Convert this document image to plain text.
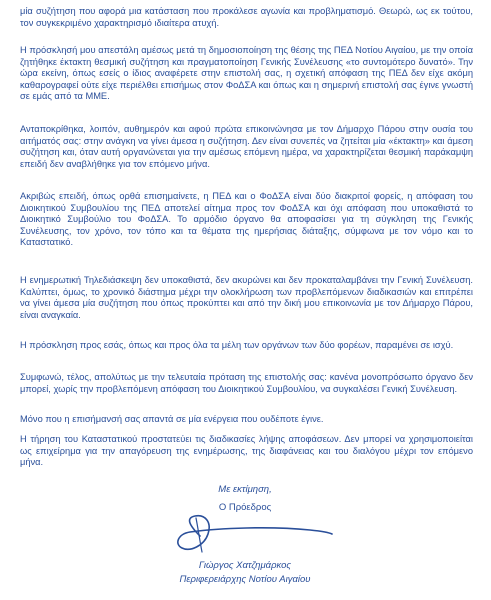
μία συζήτηση που αφορά μια κατάσταση που προκάλεσε αγωνία και προβληματισμό. Θεωρώ, ως εκ τούτου, τον συγκεκριμένο χαρακτηρισμό ιδιαίτερα ατυχή.

Η πρόσκλησή μου απεστάλη αμέσως μετά τη δημοσιοποίηση της θέσης της ΠΕΔ Νοτίου Αιγαίου, με την οποία ζητήθηκε έκτακτη θεσμική συζήτηση και πραγματοποίηση Γενικής Συνέλευσης «το συντομότερο δυνατό». Την ώρα εκείνη, όπως εσείς ο ίδιος αναφέρετε στην επιστολή σας, η σχετική απόφαση της ΠΕΔ δεν είχε ακόμη καθαρογραφεί ούτε είχε περιέλθει επισήμως στον ΦοΔΣΑ και όπως και η σημερινή επιστολή σας έγινε γνωστή σε εμάς από τα ΜΜΕ.

Ανταποκρίθηκα, λοιπόν, αυθημερόν και αφού πρώτα επικοινώνησα με τον Δήμαρχο Πάρου στην ουσία του αιτήματός σας: στην ανάγκη να γίνει άμεσα η συζήτηση. Δεν είναι συνεπές να ζητείται μία «έκτακτη» και άμεση συζήτηση και, όταν αυτή οργανώνεται για την αμέσως επόμενη ημέρα, να χαρακτηρίζεται θεσμική παράκαμψη επειδή δεν αναβλήθηκε για τον επόμενο μήνα.

Ακριβώς επειδή, όπως ορθά επισημαίνετε, η ΠΕΔ και ο ΦοΔΣΑ είναι δύο διακριτοί φορείς, η απόφαση του Διοικητικού Συμβουλίου της ΠΕΔ αποτελεί αίτημα προς τον ΦοΔΣΑ και όχι απόφαση που υποκαθιστά το Διοικητικό Συμβούλιο του ΦοΔΣΑ. Το αρμόδιο όργανο θα αποφασίσει για τη σύγκληση της Γενικής Συνέλευσης, τον χρόνο, τον τόπο και τα θέματα της ημερήσιας διάταξης, σύμφωνα με τον νόμο και το Καταστατικό.

Η ενημερωτική Τηλεδιάσκεψη δεν υποκαθιστά, δεν ακυρώνει και δεν προκαταλαμβάνει την Γενική Συνέλευση. Καλύπτει, όμως, το χρονικό διάστημα μέχρι την ολοκλήρωση των προβλεπόμενων διαδικασιών και επιτρέπει να γίνει άμεσα μία συζήτηση που όπως προκύπτει και από την δική μου επικοινωνία με τον Δήμαρχο Πάρου, είναι αναγκαία.

Η πρόσκληση προς εσάς, όπως και προς όλα τα μέλη των οργάνων των δύο φορέων, παραμένει σε ισχύ.

Συμφωνώ, τέλος, απολύτως με την τελευταία πρόταση της επιστολής σας: κανένα μονοπρόσωπο όργανο δεν μπορεί, χωρίς την προβλεπόμενη απόφαση του Διοικητικού Συμβουλίου, να συγκαλέσει Γενική Συνέλευση.

Μόνο που η επισήμανσή σας απαντά σε μία ενέργεια που ουδέποτε έγινε.

Η τήρηση του Καταστατικού προστατεύει τις διαδικασίες λήψης αποφάσεων. Δεν μπορεί να χρησιμοποιείται ως επιχείρημα για την απαγόρευση της ενημέρωσης, της διαφάνειας και του διαλόγου μέχρι τον επόμενο μήνα.

Με εκτίμηση,
Ο Πρόεδρος
Γιώργος Χατζημάρκος
Περιφερειάρχης Νοτίου Αιγαίου
